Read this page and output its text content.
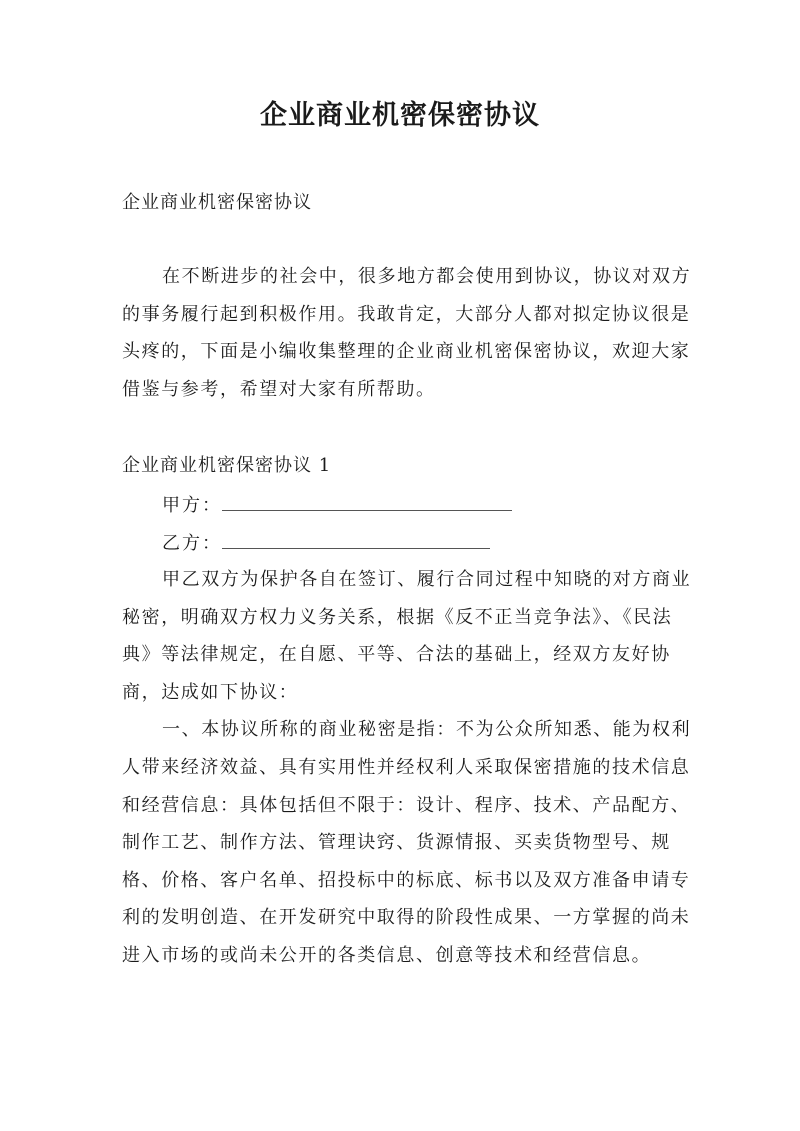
企业商业机密保密协议
企业商业机密保密协议

在不断进步的社会中，很多地方都会使用到协议，协议对双方的事务履行起到积极作用。我敢肯定，大部分人都对拟定协议很是头疼的，下面是小编收集整理的企业商业机密保密协议，欢迎大家借鉴与参考，希望对大家有所帮助。

企业商业机密保密协议 1
甲方：
乙方：

甲乙双方为保护各自在签订、履行合同过程中知晓的对方商业秘密，明确双方权力义务关系，根据《反不正当竞争法》、《民法典》等法律规定，在自愿、平等、合法的基础上，经双方友好协商，达成如下协议：

一、本协议所称的商业秘密是指：不为公众所知悉、能为权利人带来经济效益、具有实用性并经权利人采取保密措施的技术信息和经营信息：具体包括但不限于：设计、程序、技术、产品配方、制作工艺、制作方法、管理诀窍、货源情报、买卖货物型号、规格、价格、客户名单、招投标中的标底、标书以及双方准备申请专利的发明创造、在开发研究中取得的阶段性成果、一方掌握的尚未进入市场的或尚未公开的各类信息、创意等技术和经营信息。
